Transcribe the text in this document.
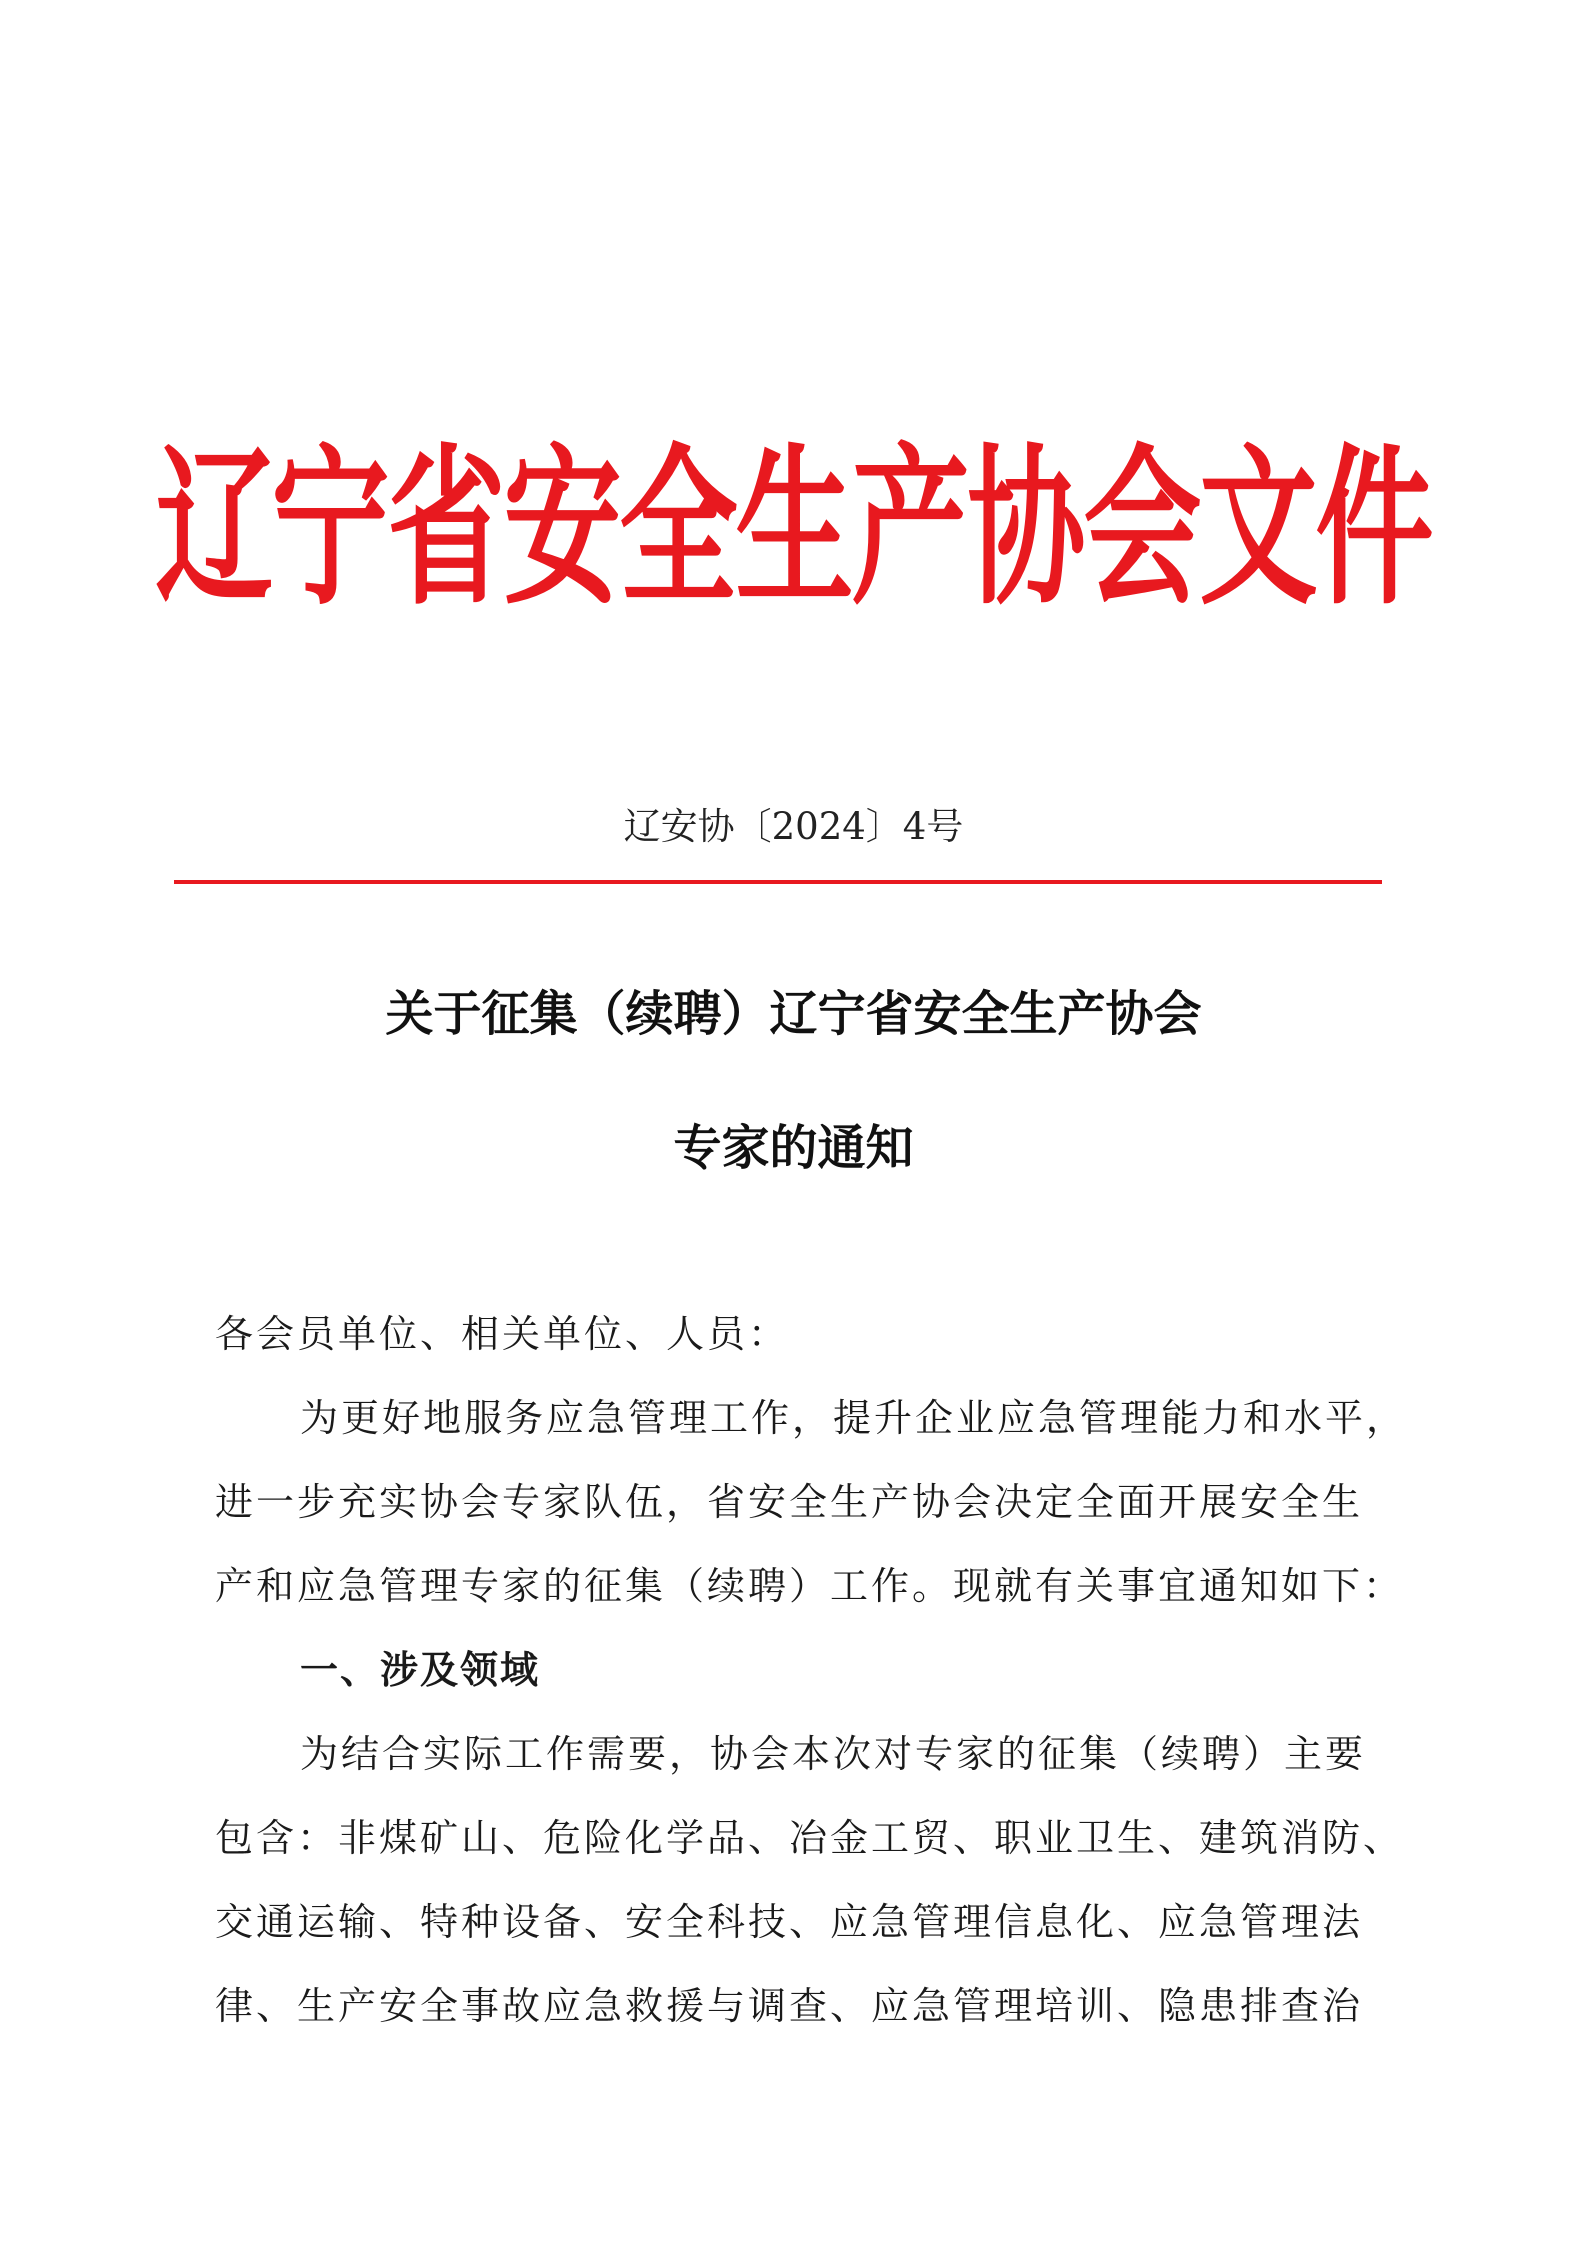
辽宁省安全生产协会文件
辽安协〔2024〕4号
关于征集（续聘）辽宁省安全生产协会
专家的通知
各会员单位、相关单位、人员：
为更好地服务应急管理工作，提升企业应急管理能力和水平，
进一步充实协会专家队伍，省安全生产协会决定全面开展安全生
产和应急管理专家的征集（续聘）工作。现就有关事宜通知如下：
一、涉及领域
为结合实际工作需要，协会本次对专家的征集（续聘）主要
包含：非煤矿山、危险化学品、冶金工贸、职业卫生、建筑消防、
交通运输、特种设备、安全科技、应急管理信息化、应急管理法
律、生产安全事故应急救援与调查、应急管理培训、隐患排查治
